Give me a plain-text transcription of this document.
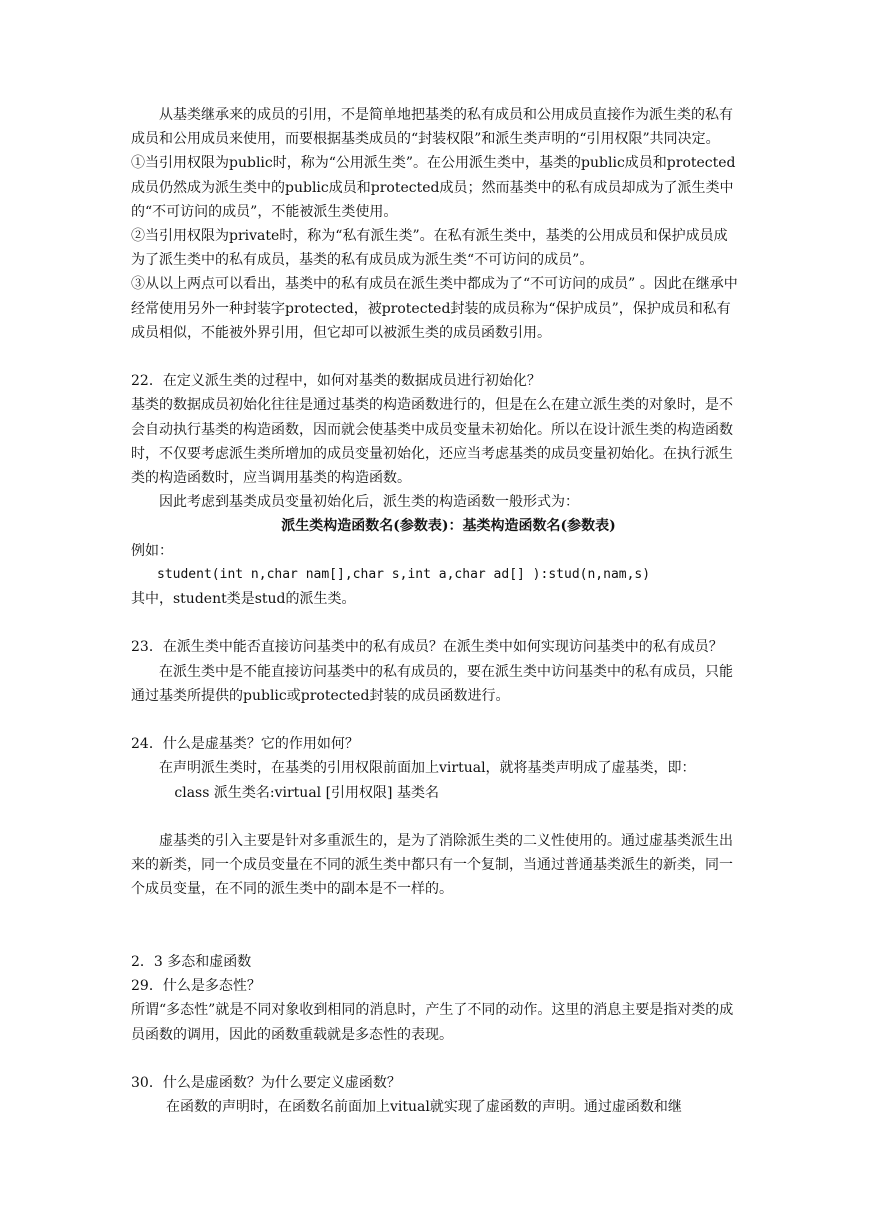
从基类继承来的成员的引用，不是简单地把基类的私有成员和公用成员直接作为派生类的私有成员和公用成员来使用，而要根据基类成员的“封装权限”和派生类声明的“引用权限”共同决定。

①当引用权限为public时，称为“公用派生类”。在公用派生类中，基类的public成员和protected成员仍然成为派生类中的public成员和protected成员；然而基类中的私有成员却成为了派生类中的“不可访问的成员”，不能被派生类使用。

②当引用权限为private时，称为“私有派生类”。在私有派生类中，基类的公用成员和保护成员成为了派生类中的私有成员，基类的私有成员成为派生类“不可访问的成员”。

③从以上两点可以看出，基类中的私有成员在派生类中都成为了“不可访问的成员” 。因此在继承中经常使用另外一种封装字protected，被protected封装的成员称为“保护成员”，保护成员和私有成员相似，不能被外界引用，但它却可以被派生类的成员函数引用。

22．在定义派生类的过程中，如何对基类的数据成员进行初始化？

基类的数据成员初始化往往是通过基类的构造函数进行的，但是在么在建立派生类的对象时，是不会自动执行基类的构造函数，因而就会使基类中成员变量未初始化。所以在设计派生类的构造函数时，不仅要考虑派生类所增加的成员变量初始化，还应当考虑基类的成员变量初始化。在执行派生类的构造函数时，应当调用基类的构造函数。

因此考虑到基类成员变量初始化后，派生类的构造函数一般形式为：

派生类构造函数名(参数表)：基类构造函数名(参数表)

例如：

student(int n,char nam[],char s,int a,char ad[] ):stud(n,nam,s)

其中，student类是stud的派生类。

23．在派生类中能否直接访问基类中的私有成员？在派生类中如何实现访问基类中的私有成员？

在派生类中是不能直接访问基类中的私有成员的，要在派生类中访问基类中的私有成员，只能通过基类所提供的public或protected封装的成员函数进行。

24．什么是虚基类？它的作用如何？

在声明派生类时，在基类的引用权限前面加上virtual，就将基类声明成了虚基类，即：

class 派生类名:virtual [引用权限] 基类名

虚基类的引入主要是针对多重派生的，是为了消除派生类的二义性使用的。通过虚基类派生出来的新类，同一个成员变量在不同的派生类中都只有一个复制，当通过普通基类派生的新类，同一个成员变量，在不同的派生类中的副本是不一样的。

2．3 多态和虚函数

29．什么是多态性？

所谓“多态性”就是不同对象收到相同的消息时，产生了不同的动作。这里的消息主要是指对类的成员函数的调用，因此的函数重载就是多态性的表现。

30．什么是虚函数？为什么要定义虚函数？

在函数的声明时，在函数名前面加上vitual就实现了虚函数的声明。通过虚函数和继
